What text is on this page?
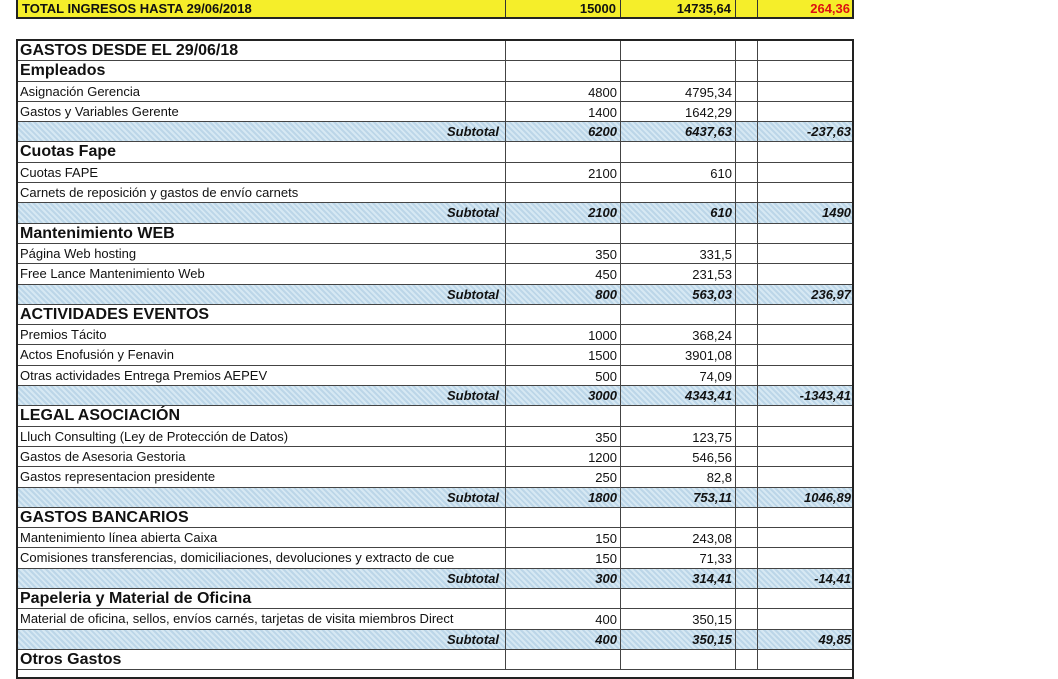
TOTAL INGRESOS HASTA 29/06/2018	15000	14735,64	264,36
GASTOS DESDE EL 29/06/18
Empleados
Asignación Gerencia	4800	4795,34
Gastos y Variables Gerente	1400	1642,29
Subtotal	6200	6437,63	-237,63
Cuotas Fape
Cuotas FAPE	2100	610
Carnets de reposición y gastos de envío carnets
Subtotal	2100	610	1490
Mantenimiento WEB
Página Web hosting	350	331,5
Free Lance Mantenimiento Web	450	231,53
Subtotal	800	563,03	236,97
ACTIVIDADES EVENTOS
Premios Tácito	1000	368,24
Actos Enofusión y Fenavin	1500	3901,08
Otras actividades Entrega Premios AEPEV	500	74,09
Subtotal	3000	4343,41	-1343,41
LEGAL ASOCIACIÓN
Lluch Consulting (Ley de Protección de Datos)	350	123,75
Gastos de Asesoria Gestoria	1200	546,56
Gastos representacion presidente	250	82,8
Subtotal	1800	753,11	1046,89
GASTOS BANCARIOS
Mantenimiento línea abierta Caixa	150	243,08
Comisiones transferencias, domiciliaciones, devoluciones y extracto de cue	150	71,33
Subtotal	300	314,41	-14,41
Papeleria y Material de Oficina
Material de oficina, sellos, envíos carnés, tarjetas de visita miembros Direct	400	350,15
Subtotal	400	350,15	49,85
Otros Gastos
